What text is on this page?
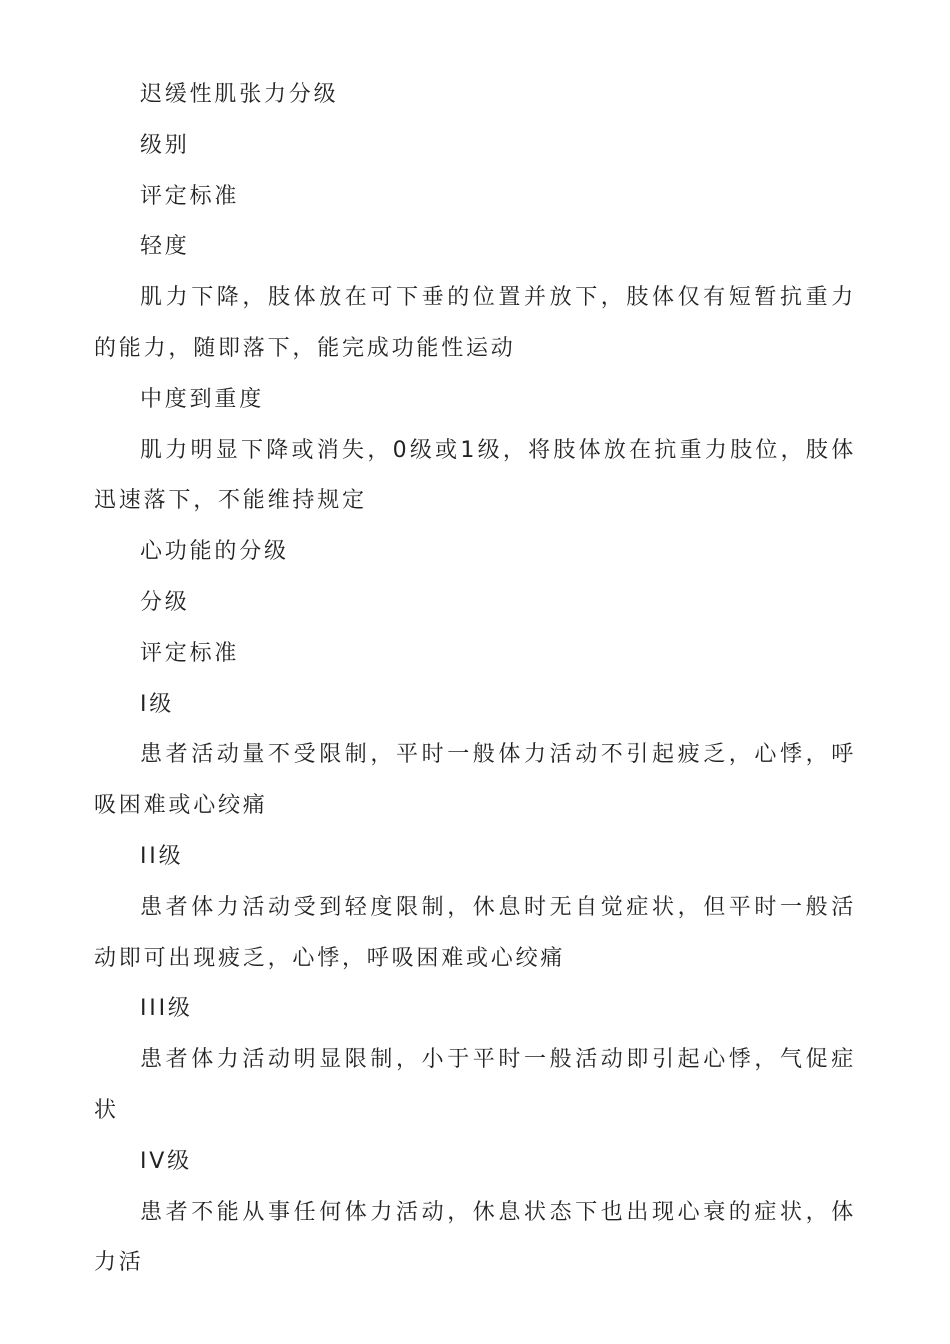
迟缓性肌张力分级

级别

评定标准

轻度

肌力下降，肢体放在可下垂的位置并放下，肢体仅有短暂抗重力的能力，随即落下，能完成功能性运动

中度到重度

肌力明显下降或消失，0级或1级，将肢体放在抗重力肢位，肢体迅速落下，不能维持规定

心功能的分级

分级

评定标准

I级

患者活动量不受限制，平时一般体力活动不引起疲乏，心悸，呼吸困难或心绞痛

II级

患者体力活动受到轻度限制，休息时无自觉症状，但平时一般活动即可出现疲乏，心悸，呼吸困难或心绞痛

III级

患者体力活动明显限制，小于平时一般活动即引起心悸，气促症状

IV级

患者不能从事任何体力活动，休息状态下也出现心衰的症状，体力活
